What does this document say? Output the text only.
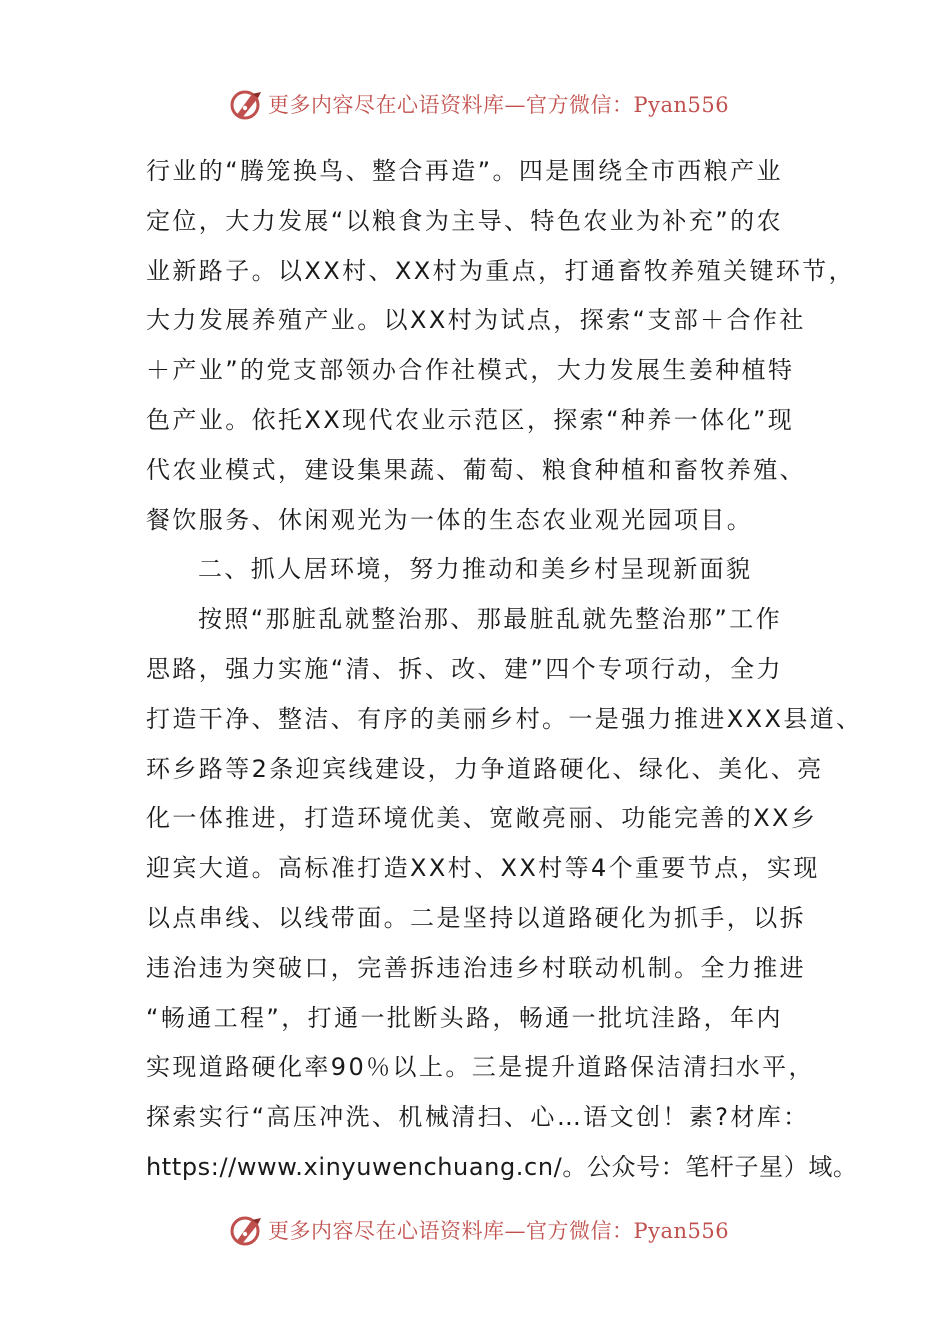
更多内容尽在心语资料库—官方微信：Pyan556
行业的“腾笼换鸟、整合再造”。四是围绕全市西粮产业
定位，大力发展“以粮食为主导、特色农业为补充”的农
业新路子。以XX村、XX村为重点，打通畜牧养殖关键环节，
大力发展养殖产业。以XX村为试点，探索“支部＋合作社
＋产业”的党支部领办合作社模式，大力发展生姜种植特
色产业。依托XX现代农业示范区，探索“种养一体化”现
代农业模式，建设集果蔬、葡萄、粮食种植和畜牧养殖、
餐饮服务、休闲观光为一体的生态农业观光园项目。
二、抓人居环境，努力推动和美乡村呈现新面貌
按照“那脏乱就整治那、那最脏乱就先整治那”工作
思路，强力实施“清、拆、改、建”四个专项行动，全力
打造干净、整洁、有序的美丽乡村。一是强力推进XXX县道、
环乡路等2条迎宾线建设，力争道路硬化、绿化、美化、亮
化一体推进，打造环境优美、宽敞亮丽、功能完善的XX乡
迎宾大道。高标准打造XX村、XX村等4个重要节点，实现
以点串线、以线带面。二是坚持以道路硬化为抓手，以拆
违治违为突破口，完善拆违治违乡村联动机制。全力推进
“畅通工程”，打通一批断头路，畅通一批坑洼路，年内
实现道路硬化率90％以上。三是提升道路保洁清扫水平，
探索实行“高压冲洗、机械清扫、心…语文创！素?材库：
https://www.xinyuwenchuang.cn/。公众号：笔杆子星）域。
更多内容尽在心语资料库—官方微信：Pyan556
